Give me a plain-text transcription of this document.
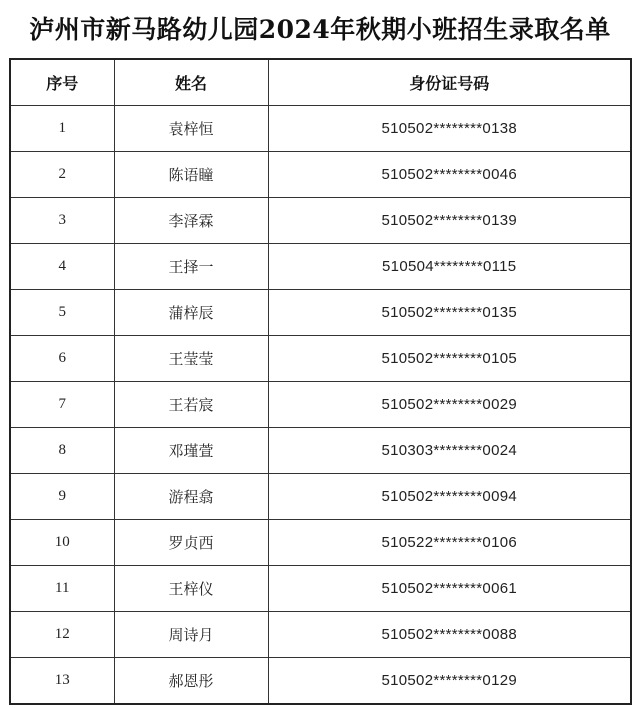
泸州市新马路幼儿园2024年秋期小班招生录取名单
序号	姓名	身份证号码
1	袁梓恒	510502********0138
2	陈语瞳	510502********0046
3	李泽霖	510502********0139
4	王择一	510504********0115
5	蒲梓辰	510502********0135
6	王莹莹	510502********0105
7	王若宸	510502********0029
8	邓瑾萱	510303********0024
9	游程翕	510502********0094
10	罗贞西	510522********0106
11	王梓仪	510502********0061
12	周诗月	510502********0088
13	郝恩彤	510502********0129
